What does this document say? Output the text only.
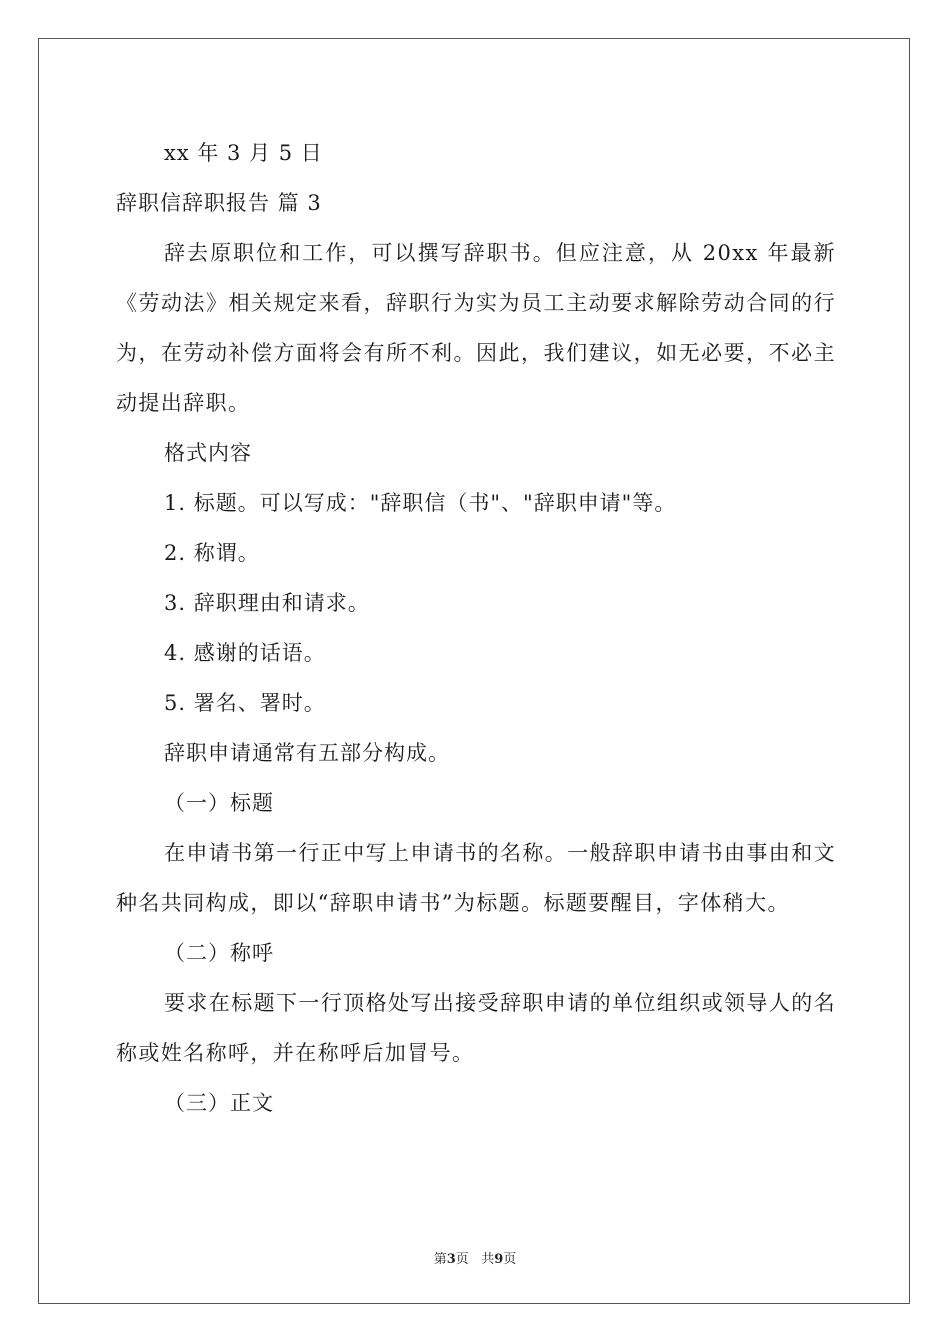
xx 年 3 月 5 日
辞职信辞职报告 篇 3

辞去原职位和工作，可以撰写辞职书。但应注意，从 20xx 年最新《劳动法》相关规定来看，辞职行为实为员工主动要求解除劳动合同的行为，在劳动补偿方面将会有所不利。因此，我们建议，如无必要，不必主动提出辞职。

格式内容
1. 标题。可以写成："辞职信（书"、"辞职申请"等。
2. 称谓。
3. 辞职理由和请求。
4. 感谢的话语。
5. 署名、署时。
辞职申请通常有五部分构成。
（一）标题

在申请书第一行正中写上申请书的名称。一般辞职申请书由事由和文种名共同构成，即以“辞职申请书”为标题。标题要醒目，字体稍大。

（二）称呼

要求在标题下一行顶格处写出接受辞职申请的单位组织或领导人的名称或姓名称呼，并在称呼后加冒号。

（三）正文
第3页   共9页
